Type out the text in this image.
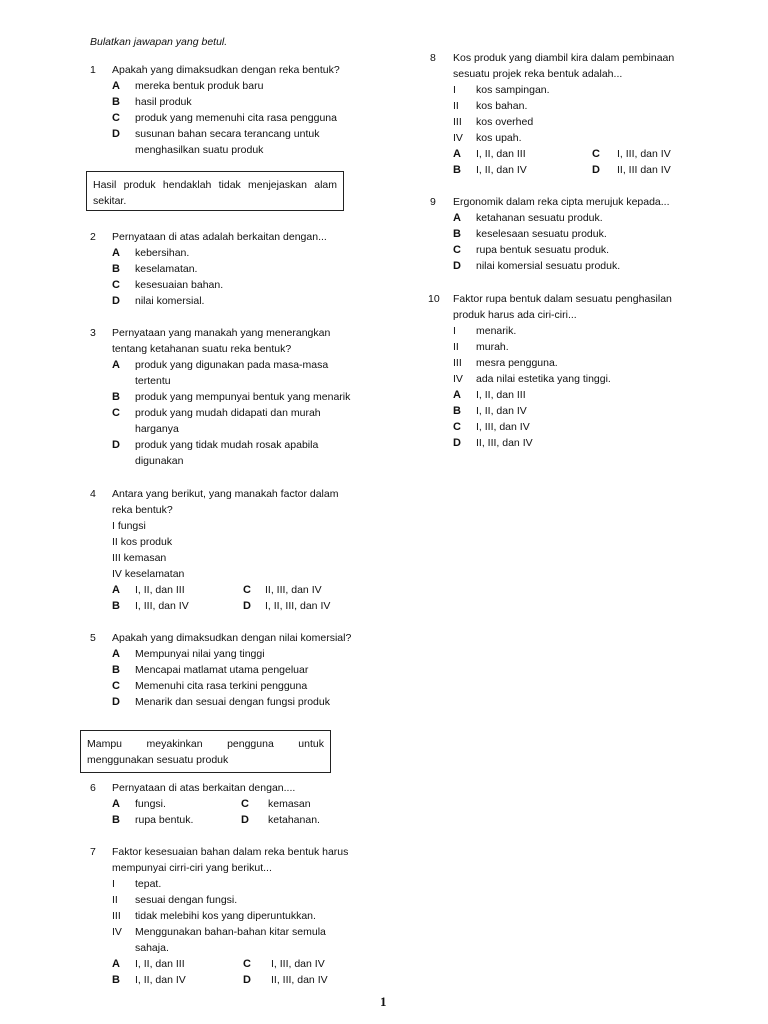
Bulatkan jawapan yang betul.
1 Apakah yang dimaksudkan dengan reka bentuk?
A mereka bentuk produk baru
B hasil produk
C produk yang memenuhi cita rasa pengguna
D susunan bahan secara terancang untuk
menghasilkan suatu produk
Hasil produk hendaklah tidak menjejaskan alam sekitar.
2 Pernyataan di atas adalah berkaitan dengan...
A kebersihan.
B keselamatan.
C kesesuaian bahan.
D nilai komersial.
3 Pernyataan yang manakah yang menerangkan
tentang ketahanan suatu reka bentuk?
A produk yang digunakan pada masa-masa
tertentu
B produk yang mempunyai bentuk yang menarik
C produk yang mudah didapati dan murah
harganya
D produk yang tidak mudah rosak apabila
digunakan
4 Antara yang berikut, yang manakah factor dalam
reka bentuk?
I fungsi
II kos produk
III kemasan
IV keselamatan
A I, II, dan III	C II, III, dan IV
B I, III, dan IV	D I, II, III, dan IV
5 Apakah yang dimaksudkan dengan nilai komersial?
A Mempunyai nilai yang tinggi
B Mencapai matlamat utama pengeluar
C Memenuhi cita rasa terkini pengguna
D Menarik dan sesuai dengan fungsi produk
Mampu meyakinkan pengguna untuk menggunakan sesuatu produk
6 Pernyataan di atas berkaitan dengan....
A fungsi.	C kemasan
B rupa bentuk.	D ketahanan.
7 Faktor kesesuaian bahan dalam reka bentuk harus
mempunyai cirri-ciri yang berikut...
I tepat.
II sesuai dengan fungsi.
III tidak melebihi kos yang diperuntukkan.
IV Menggunakan bahan-bahan kitar semula
sahaja.
A I, II, dan III	C I, III, dan IV
B I, II, dan IV	D II, III, dan IV
8 Kos produk yang diambil kira dalam pembinaan
sesuatu projek reka bentuk adalah...
I kos sampingan.
II kos bahan.
III kos overhed
IV kos upah.
A I, II, dan III	C I, III, dan IV
B I, II, dan IV	D II, III dan IV
9 Ergonomik dalam reka cipta merujuk kepada...
A ketahanan sesuatu produk.
B keselesaan sesuatu produk.
C rupa bentuk sesuatu produk.
D nilai komersial sesuatu produk.
10 Faktor rupa bentuk dalam sesuatu penghasilan
produk harus ada ciri-ciri...
I menarik.
II murah.
III mesra pengguna.
IV ada nilai estetika yang tinggi.
A I, II, dan III
B I, II, dan IV
C I, III, dan IV
D II, III, dan IV
1
